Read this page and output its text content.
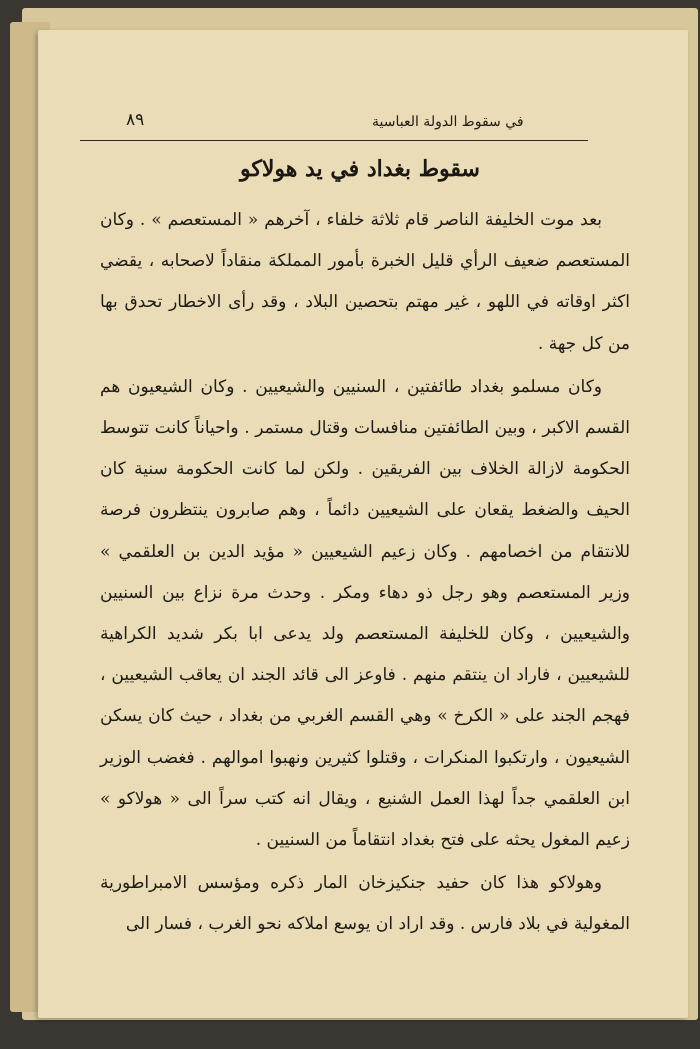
٨٩	في سقوط الدولة العباسية
سقوط بغداد في يد هولاكو

بعد موت الخليفة الناصر قام ثلاثة خلفاء ، آخرهم « المستعصم » . وكان المستعصم ضعيف الرأي قليل الخبرة بأمور المملكة منقاداً لاصحابه ، يقضي اكثر اوقاته في اللهو ، غير مهتم بتحصين البلاد ، وقد رأى الاخطار تحدق بها من كل جهة .

وكان مسلمو بغداد طائفتين ، السنيين والشيعيين . وكان الشيعيون هم القسم الاكبر ، وبين الطائفتين منافسات وقتال مستمر . واحياناً كانت تتوسط الحكومة لازالة الخلاف بين الفريقين . ولكن لما كانت الحكومة سنية كان الحيف والضغط يقعان على الشيعيين دائماً ، وهم صابرون ينتظرون فرصة للانتقام من اخصامهم . وكان زعيم الشيعيين « مؤيد الدين بن العلقمي » وزير المستعصم وهو رجل ذو دهاء ومكر . وحدث مرة نزاع بين السنيين والشيعيين ، وكان للخليفة المستعصم ولد يدعى ابا بكر شديد الكراهية للشيعيين ، فاراد ان ينتقم منهم . فاوعز الى قائد الجند ان يعاقب الشيعيين ، فهجم الجند على « الكرخ » وهي القسم الغربي من بغداد ، حيث كان يسكن الشيعيون ، وارتكبوا المنكرات ، وقتلوا كثيرين ونهبوا اموالهم . فغضب الوزير ابن العلقمي جداً لهذا العمل الشنيع ، ويقال انه كتب سراً الى « هولاكو » زعيم المغول يحثه على فتح بغداد انتقاماً من السنيين .

وهولاكو هذا كان حفيد جنكيزخان المار ذكره ومؤسس الامبراطورية المغولية في بلاد فارس . وقد اراد ان يوسع املاكه نحو الغرب ، فسار الى
